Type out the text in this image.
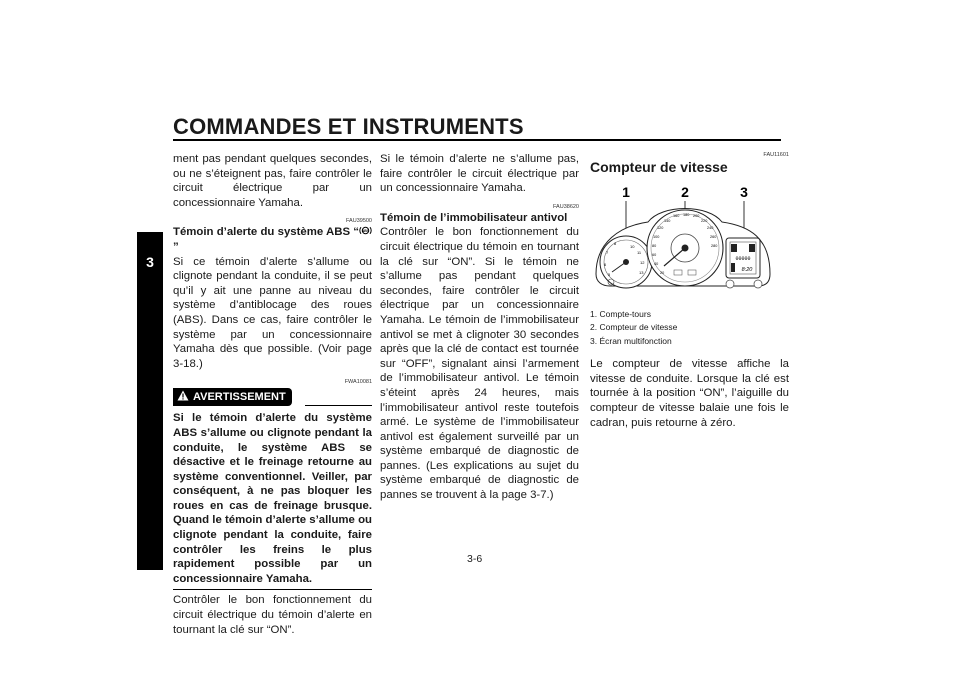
COMMANDES ET INSTRUMENTS
3

ment pas pendant quelques secondes, ou ne s’éteignent pas, faire contrôler le circuit électrique par un concessionnaire Yamaha.

FAU39500

Témoin d’alerte du système ABS “ ABS
”

Si ce témoin d’alerte s’allume ou clignote pendant la conduite, il se peut qu’il y ait une panne au niveau du système d’antiblocage des roues (ABS). Dans ce cas, faire contrôler le système par un concessionnaire Yamaha dès que possible. (Voir page 3-18.)

FWA10081
AVERTISSEMENT

Si le témoin d’alerte du système ABS s’allume ou clignote pendant la conduite, le système ABS se désactive et le freinage retourne au système conventionnel. Veiller, par conséquent, à ne pas bloquer les roues en cas de freinage brusque. Quand le témoin d’alerte s’allume ou clignote pendant la conduite, faire contrôler les freins le plus rapidement possible par un concessionnaire Yamaha.

Contrôler le bon fonctionnement du circuit électrique du témoin d’alerte en tournant la clé sur “ON”.

Si le témoin d’alerte ne s’allume pas, faire contrôler le circuit électrique par un concessionnaire Yamaha.

FAU38620

Témoin de l’immobilisateur antivol

Contrôler le bon fonctionnement du circuit électrique du témoin en tournant la clé sur “ON”. Si le témoin ne s’allume pas pendant quelques secondes, faire contrôler le circuit électrique par un concessionnaire Yamaha. Le témoin de l’immobilisateur antivol se met à clignoter 30 secondes après que la clé de contact est tournée sur “OFF”, signalant ainsi l’armement de l’immobilisateur antivol. Le témoin s’éteint après 24 heures, mais l’immobilisateur antivol reste toutefois armé. Le système de l’immobilisateur antivol est également surveillé par un système embarqué de diagnostic de pannes. (Les explications au sujet du système embarqué de diagnostic de pannes se trouvent à la page 3-7.)

FAU11601

Compteur de vitesse

1	2	3
5
6
7
8
10
11
12
13	20
40
60
80
100
120
140
160 180 200
220
240
260
280
00000
8:20
1. Compte-tours
2. Compteur de vitesse
3. Écran multifonction

Le compteur de vitesse affiche la vitesse de conduite. Lorsque la clé est tournée à la position “ON”, l’aiguille du compteur de vitesse balaie une fois le cadran, puis retourne à zéro.

3-6
